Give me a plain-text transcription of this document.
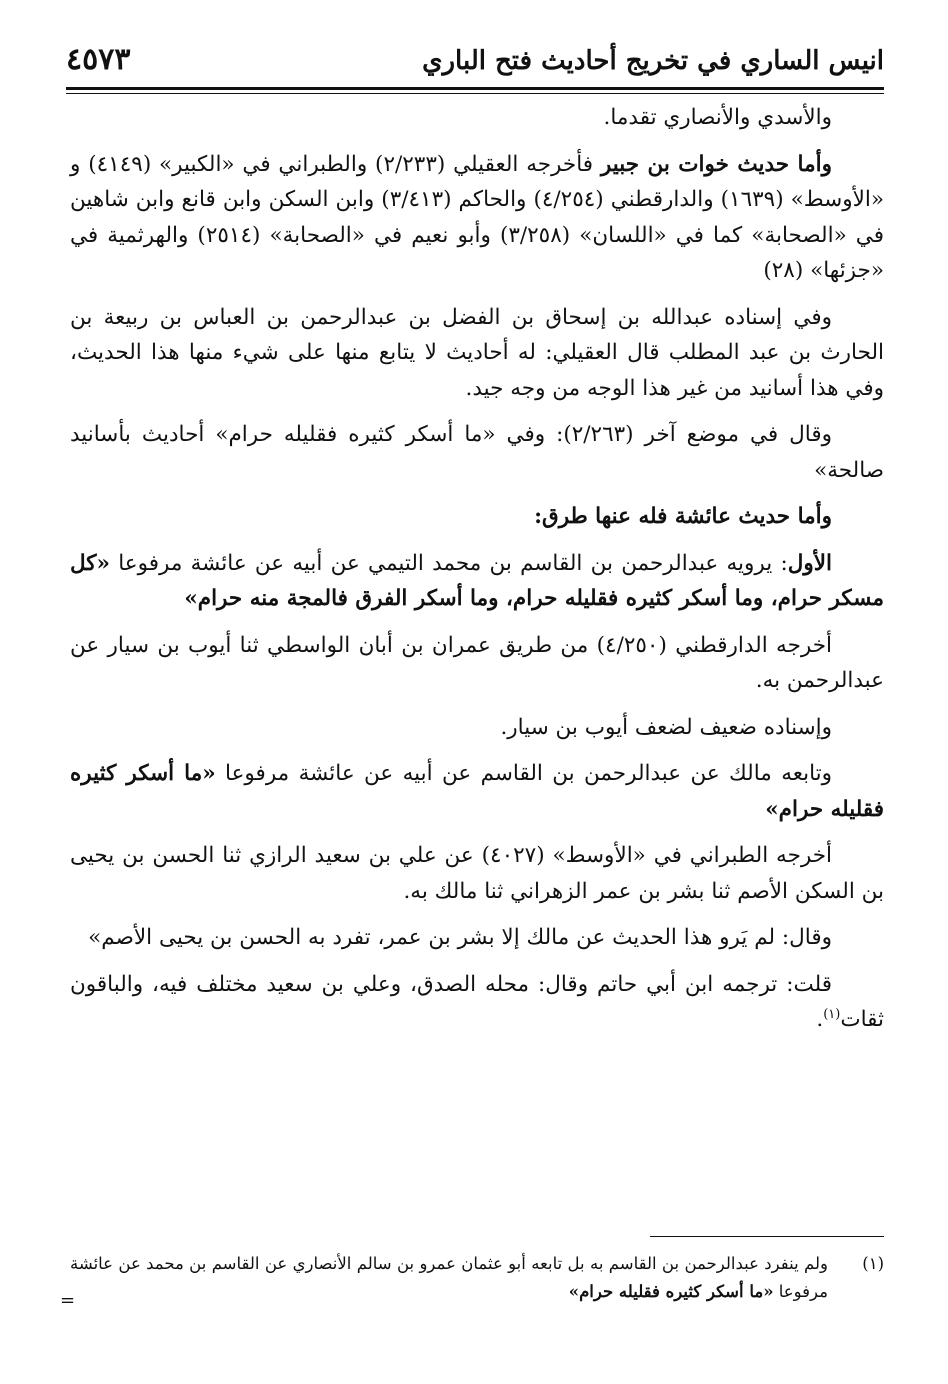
انيس الساري في تخريج أحاديث فتح الباري
٤٥٧٣

والأسدي والأنصاري تقدما.

وأما حديث خوات بن جبير فأخرجه العقيلي (٢/٢٣٣) والطبراني في «الكبير» (٤١٤٩) و «الأوسط» (١٦٣٩) والدارقطني (٤/٢٥٤) والحاكم (٣/٤١٣) وابن السكن وابن قانع وابن شاهين في «الصحابة» كما في «اللسان» (٣/٢٥٨) وأبو نعيم في «الصحابة» (٢٥١٤) والهرثمية في «جزئها» (٢٨)

وفي إسناده عبدالله بن إسحاق بن الفضل بن عبدالرحمن بن العباس بن ربيعة بن الحارث بن عبد المطلب قال العقيلي: له أحاديث لا يتابع منها على شيء منها هذا الحديث، وفي هذا أسانيد من غير هذا الوجه من وجه جيد.

وقال في موضع آخر (٢/٢٦٣): وفي «ما أسكر كثيره فقليله حرام» أحاديث بأسانيد صالحة»

وأما حديث عائشة فله عنها طرق:

الأول: يرويه عبدالرحمن بن القاسم بن محمد التيمي عن أبيه عن عائشة مرفوعا «كل مسكر حرام، وما أسكر كثيره فقليله حرام، وما أسكر الفرق فالمجة منه حرام»

أخرجه الدارقطني (٤/٢٥٠) من طريق عمران بن أبان الواسطي ثنا أيوب بن سيار عن عبدالرحمن به.

وإسناده ضعيف لضعف أيوب بن سيار.

وتابعه مالك عن عبدالرحمن بن القاسم عن أبيه عن عائشة مرفوعا «ما أسكر كثيره فقليله حرام»

أخرجه الطبراني في «الأوسط» (٤٠٢٧) عن علي بن سعيد الرازي ثنا الحسن بن يحيى بن السكن الأصم ثنا بشر بن عمر الزهراني ثنا مالك به.

وقال: لم يَرو هذا الحديث عن مالك إلا بشر بن عمر، تفرد به الحسن بن يحيى الأصم»

قلت: ترجمه ابن أبي حاتم وقال: محله الصدق، وعلي بن سعيد مختلف فيه، والباقون ثقات$^{(١)}$.

(١)
ولم ينفرد عبدالرحمن بن القاسم به بل تابعه أبو عثمان عمرو بن سالم الأنصاري عن القاسم بن محمد عن عائشة مرفوعا «ما أسكر كثيره فقليله حرام»
=
